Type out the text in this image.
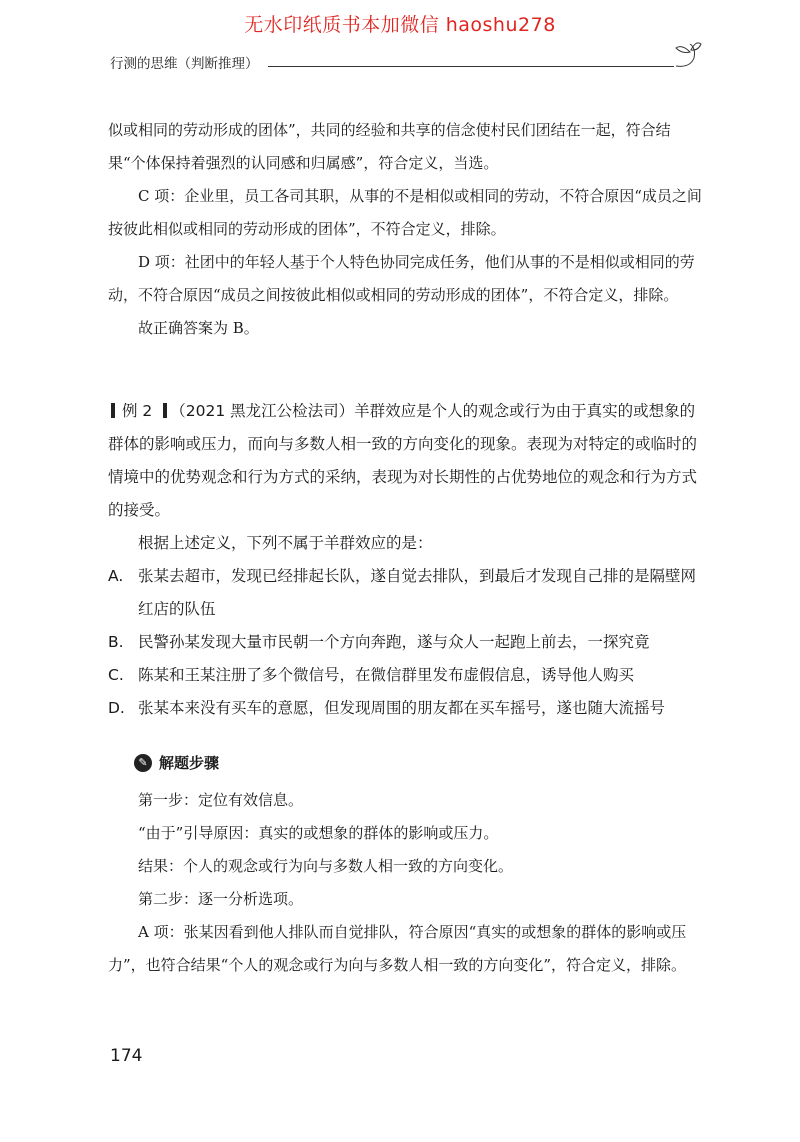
无水印纸质书本加微信 haoshu278
行测的思维（判断推理）

似或相同的劳动形成的团体”，共同的经验和共享的信念使村民们团结在一起，符合结果“个体保持着强烈的认同感和归属感”，符合定义，当选。

C 项：企业里，员工各司其职，从事的不是相似或相同的劳动，不符合原因“成员之间按彼此相似或相同的劳动形成的团体”，不符合定义，排除。

D 项：社团中的年轻人基于个人特色协同完成任务，他们从事的不是相似或相同的劳动，不符合原因“成员之间按彼此相似或相同的劳动形成的团体”，不符合定义，排除。

故正确答案为 B。

例 2 （2021 黑龙江公检法司）羊群效应是个人的观念或行为由于真实的或想象的群体的影响或压力，而向与多数人相一致的方向变化的现象。表现为对特定的或临时的情境中的优势观念和行为方式的采纳，表现为对长期性的占优势地位的观念和行为方式的接受。

根据上述定义，下列不属于羊群效应的是：

A. 张某去超市，发现已经排起长队，遂自觉去排队，到最后才发现自己排的是隔壁网红店的队伍
B. 民警孙某发现大量市民朝一个方向奔跑，遂与众人一起跑上前去，一探究竟
C. 陈某和王某注册了多个微信号，在微信群里发布虚假信息，诱导他人购买
D. 张某本来没有买车的意愿，但发现周围的朋友都在买车摇号，遂也随大流摇号
✎ 解题步骤

第一步：定位有效信息。

“由于”引导原因：真实的或想象的群体的影响或压力。

结果：个人的观念或行为向与多数人相一致的方向变化。

第二步：逐一分析选项。

A 项：张某因看到他人排队而自觉排队，符合原因“真实的或想象的群体的影响或压力”，也符合结果“个人的观念或行为向与多数人相一致的方向变化”，符合定义，排除。

174
